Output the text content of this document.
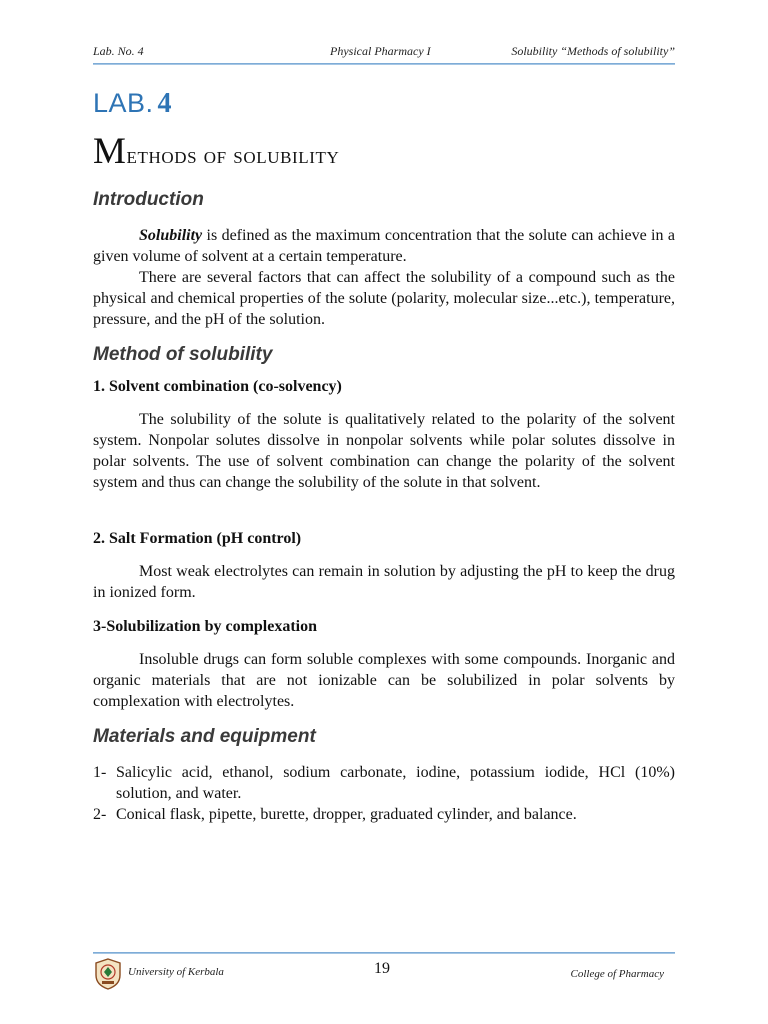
Lab. No. 4	Physical Pharmacy I	Solubility “Methods of solubility”
LAB. 4
Methods of solubility
Introduction
Solubility is defined as the maximum concentration that the solute can achieve in a given volume of solvent at a certain temperature.
There are several factors that can affect the solubility of a compound such as the physical and chemical properties of the solute (polarity, molecular size...etc.), temperature, pressure, and the pH of the solution.
Method of solubility
1. Solvent combination (co-solvency)
The solubility of the solute is qualitatively related to the polarity of the solvent system. Nonpolar solutes dissolve in nonpolar solvents while polar solutes dissolve in polar solvents. The use of solvent combination can change the polarity of the solvent system and thus can change the solubility of the solute in that solvent.
2. Salt Formation (pH control)
Most weak electrolytes can remain in solution by adjusting the pH to keep the drug in ionized form.
3-Solubilization by complexation
Insoluble drugs can form soluble complexes with some compounds. Inorganic and organic materials that are not ionizable can be solubilized in polar solvents by complexation with electrolytes.
Materials and equipment
1- Salicylic acid, ethanol, sodium carbonate, iodine, potassium iodide, HCl (10%) solution, and water.
2- Conical flask, pipette, burette, dropper, graduated cylinder, and balance.
University of Kerbala	19	College of Pharmacy
